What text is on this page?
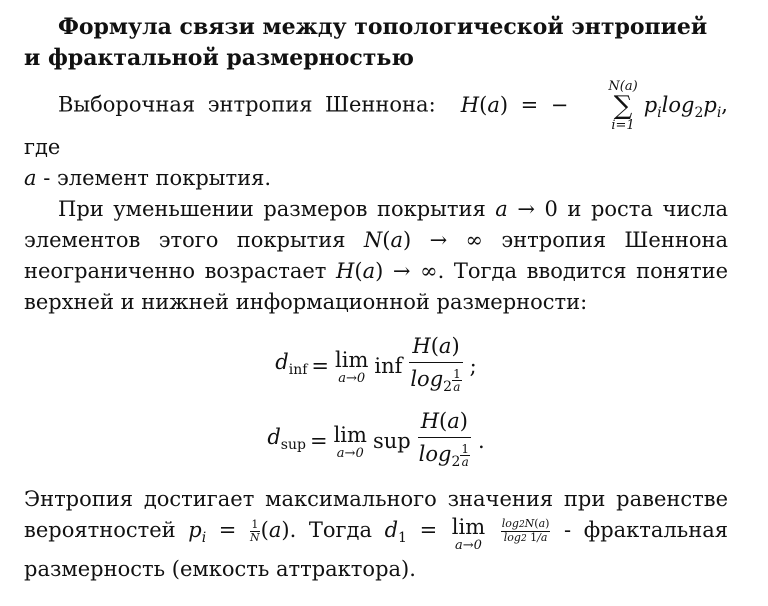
Формула связи между топологической энтропией и фрактальной размерностью

Выборочная энтропия Шеннона:  H(a) = −
N(a)
∑
i=1
$p_i\log_2p_i$, где
a - элемент покрытия.

При уменьшении размеров покрытия a → 0 и роста числа элементов этого покрытия N(a) → ∞ энтропия Шеннона неограниченно возрастает H(a) → ∞. Тогда вводится понятие верхней и нижней информационной размерности:

$d_{inf} = \lim$
a→0 inf $\frac{H(a)}{\log_2 \frac{1}{a}}$ ;
$d_{sup} = \lim$
a→0 sup $\frac{H(a)}{\log_2 \frac{1}{a}}$ .

Энтропия достигает максимального значения при равенстве вероятностей $p_i = \frac{1}{N} (a)$. Тогда $d_1 = \lim$
a→0

$\frac{\log 2N(a)}{\log 2 1/a}$ - фрактальная размерность (емкость аттрактора).
